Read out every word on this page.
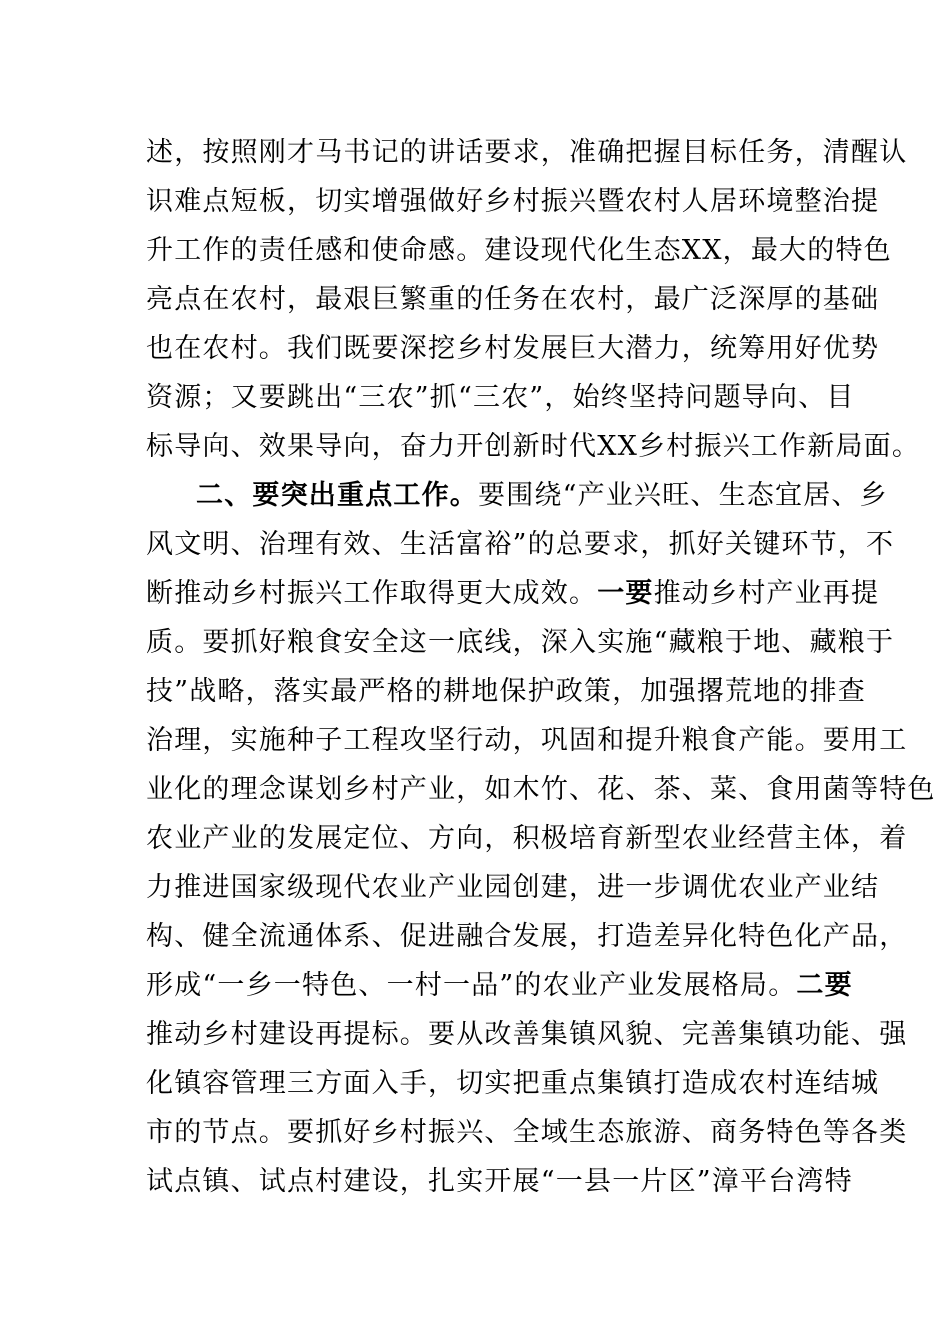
述，按照刚才马书记的讲话要求，准确把握目标任务，清醒认
识难点短板，切实增强做好乡村振兴暨农村人居环境整治提
升工作的责任感和使命感。建设现代化生态XX，最大的特色
亮点在农村，最艰巨繁重的任务在农村，最广泛深厚的基础
也在农村。我们既要深挖乡村发展巨大潜力，统筹用好优势
资源；又要跳出“三农”抓“三农”，始终坚持问题导向、目
标导向、效果导向，奋力开创新时代XX乡村振兴工作新局面。
二、要突出重点工作。要围绕“产业兴旺、生态宜居、乡
风文明、治理有效、生活富裕”的总要求，抓好关键环节，不
断推动乡村振兴工作取得更大成效。一要推动乡村产业再提
质。要抓好粮食安全这一底线，深入实施“藏粮于地、藏粮于
技”战略，落实最严格的耕地保护政策，加强撂荒地的排查
治理，实施种子工程攻坚行动，巩固和提升粮食产能。要用工
业化的理念谋划乡村产业，如木竹、花、茶、菜、食用菌等特色
农业产业的发展定位、方向，积极培育新型农业经营主体，着
力推进国家级现代农业产业园创建，进一步调优农业产业结
构、健全流通体系、促进融合发展，打造差异化特色化产品，
形成“一乡一特色、一村一品”的农业产业发展格局。二要
推动乡村建设再提标。要从改善集镇风貌、完善集镇功能、强
化镇容管理三方面入手，切实把重点集镇打造成农村连结城
市的节点。要抓好乡村振兴、全域生态旅游、商务特色等各类
试点镇、试点村建设，扎实开展“一县一片区”漳平台湾特
